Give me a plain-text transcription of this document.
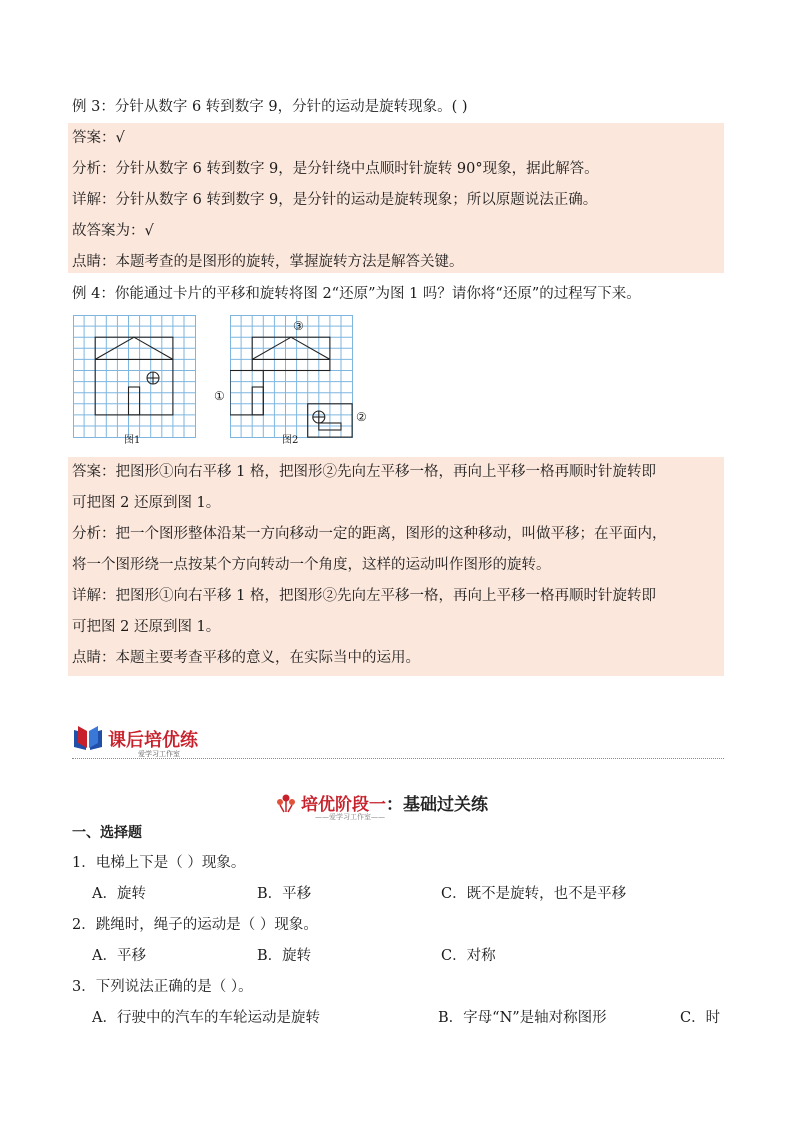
例 3：分针从数字 6 转到数字 9，分针的运动是旋转现象。( )
答案：√
分析：分针从数字 6 转到数字 9，是分针绕中点顺时针旋转 90°现象，据此解答。
详解：分针从数字 6 转到数字 9，是分针的运动是旋转现象；所以原题说法正确。
故答案为：√
点睛：本题考查的是图形的旋转，掌握旋转方法是解答关键。
例 4：你能通过卡片的平移和旋转将图 2“还原”为图 1 吗？请你将“还原”的过程写下来。
图1	图2
①
②
③
答案：把图形①向右平移 1 格，把图形②先向左平移一格，再向上平移一格再顺时针旋转即
可把图 2 还原到图 1。
分析：把一个图形整体沿某一方向移动一定的距离，图形的这种移动，叫做平移；在平面内，
将一个图形绕一点按某个方向转动一个角度，这样的运动叫作图形的旋转。
详解：把图形①向右平移 1 格，把图形②先向左平移一格，再向上平移一格再顺时针旋转即
可把图 2 还原到图 1。
点睛：本题主要考查平移的意义，在实际当中的运用。
课后培优练
爱学习工作室
培优阶段一 ：基础过关练
——爱学习工作室——
一、选择题
1．电梯上下是（ ）现象。
A．旋转	B．平移	C．既不是旋转，也不是平移
2．跳绳时，绳子的运动是（ ）现象。
A．平移	B．旋转	C．对称
3．下列说法正确的是（ ）。
A．行驶中的汽车的车轮运动是旋转	B．字母“N”是轴对称图形	C．时
